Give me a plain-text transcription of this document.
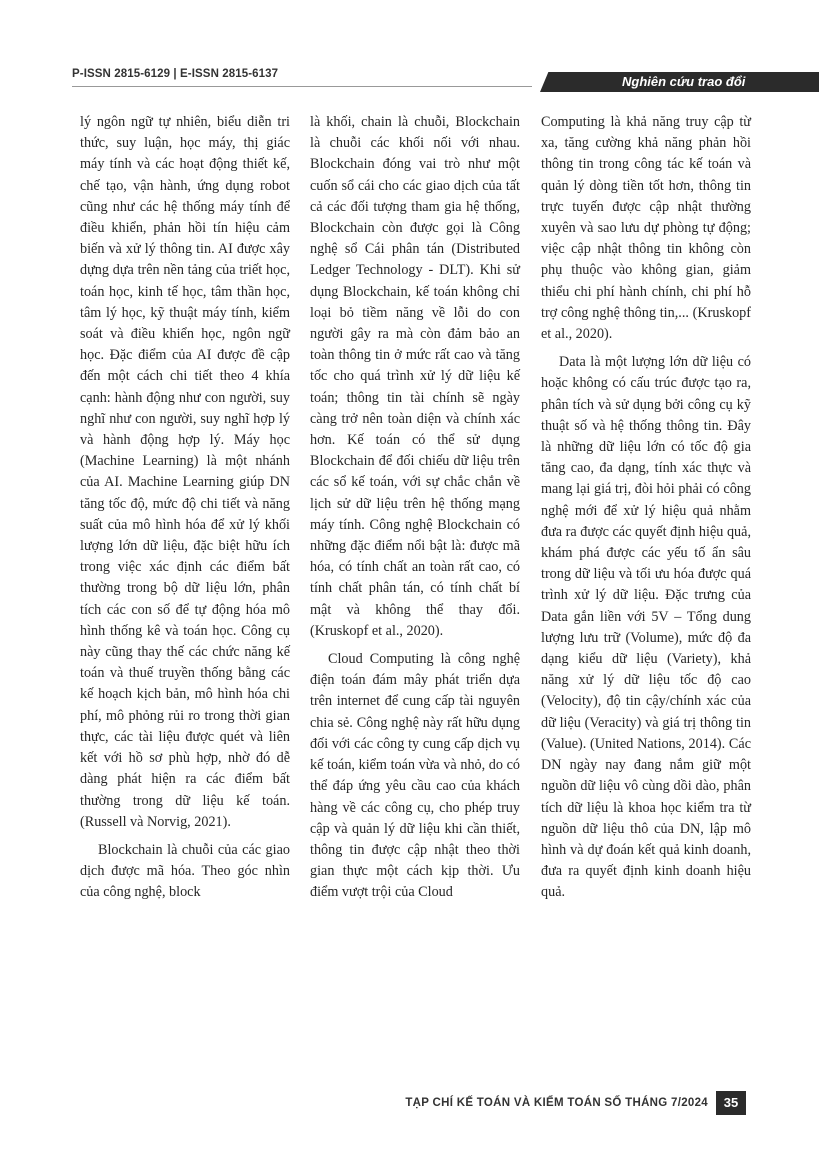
P-ISSN 2815-6129 | E-ISSN 2815-6137	Nghiên cứu trao đổi

lý ngôn ngữ tự nhiên, biểu diễn tri thức, suy luận, học máy, thị giác máy tính và các hoạt động thiết kế, chế tạo, vận hành, ứng dụng robot cũng như các hệ thống máy tính để điều khiển, phản hồi tín hiệu cảm biến và xử lý thông tin. AI được xây dựng dựa trên nền tảng của triết học, toán học, kinh tế học, tâm thần học, tâm lý học, kỹ thuật máy tính, kiểm soát và điều khiển học, ngôn ngữ học. Đặc điểm của AI được đề cập đến một cách chi tiết theo 4 khía cạnh: hành động như con người, suy nghĩ như con người, suy nghĩ hợp lý và hành động hợp lý. Máy học (Machine Learning) là một nhánh của AI. Machine Learning giúp DN tăng tốc độ, mức độ chi tiết và năng suất của mô hình hóa để xử lý khối lượng lớn dữ liệu, đặc biệt hữu ích trong việc xác định các điểm bất thường trong bộ dữ liệu lớn, phân tích các con số để tự động hóa mô hình thống kê và toán học. Công cụ này cũng thay thế các chức năng kế toán và thuế truyền thống bằng các kế hoạch kịch bản, mô hình hóa chi phí, mô phỏng rủi ro trong thời gian thực, các tài liệu được quét và liên kết với hồ sơ phù hợp, nhờ đó dễ dàng phát hiện ra các điểm bất thường trong dữ liệu kế toán. (Russell và Norvig, 2021).

Blockchain là chuỗi của các giao dịch được mã hóa. Theo góc nhìn của công nghệ, block

là khối, chain là chuỗi, Blockchain là chuỗi các khối nối với nhau. Blockchain đóng vai trò như một cuốn sổ cái cho các giao dịch của tất cả các đối tượng tham gia hệ thống, Blockchain còn được gọi là Công nghệ sổ Cái phân tán (Distributed Ledger Technology - DLT). Khi sử dụng Blockchain, kế toán không chỉ loại bỏ tiềm năng về lỗi do con người gây ra mà còn đảm bảo an toàn thông tin ở mức rất cao và tăng tốc cho quá trình xử lý dữ liệu kế toán; thông tin tài chính sẽ ngày càng trở nên toàn diện và chính xác hơn. Kế toán có thể sử dụng Blockchain để đối chiếu dữ liệu trên các sổ kế toán, với sự chắc chắn về lịch sử dữ liệu trên hệ thống mạng máy tính. Công nghệ Blockchain có những đặc điểm nổi bật là: được mã hóa, có tính chất an toàn rất cao, có tính chất phân tán, có tính chất bí mật và không thể thay đổi. (Kruskopf et al., 2020).

Cloud Computing là công nghệ điện toán đám mây phát triển dựa trên internet để cung cấp tài nguyên chia sẻ. Công nghệ này rất hữu dụng đối với các công ty cung cấp dịch vụ kế toán, kiểm toán vừa và nhỏ, do có thể đáp ứng yêu cầu cao của khách hàng về các công cụ, cho phép truy cập và quản lý dữ liệu khi cần thiết, thông tin được cập nhật theo thời gian thực một cách kịp thời. Ưu điểm vượt trội của Cloud

Computing là khả năng truy cập từ xa, tăng cường khả năng phản hồi thông tin trong công tác kế toán và quản lý dòng tiền tốt hơn, thông tin trực tuyến được cập nhật thường xuyên và sao lưu dự phòng tự động; việc cập nhật thông tin không còn phụ thuộc vào không gian, giảm thiểu chi phí hành chính, chi phí hỗ trợ công nghệ thông tin,... (Kruskopf et al., 2020).

Data là một lượng lớn dữ liệu có hoặc không có cấu trúc được tạo ra, phân tích và sử dụng bởi công cụ kỹ thuật số và hệ thống thông tin. Đây là những dữ liệu lớn có tốc độ gia tăng cao, đa dạng, tính xác thực và mang lại giá trị, đòi hỏi phải có công nghệ mới để xử lý hiệu quả nhằm đưa ra được các quyết định hiệu quả, khám phá được các yếu tố ẩn sâu trong dữ liệu và tối ưu hóa được quá trình xử lý dữ liệu. Đặc trưng của Data gắn liền với 5V – Tổng dung lượng lưu trữ (Volume), mức độ đa dạng kiểu dữ liệu (Variety), khả năng xử lý dữ liệu tốc độ cao (Velocity), độ tin cậy/chính xác của dữ liệu (Veracity) và giá trị thông tin (Value). (United Nations, 2014). Các DN ngày nay đang nắm giữ một nguồn dữ liệu vô cùng dồi dào, phân tích dữ liệu là khoa học kiểm tra từ nguồn dữ liệu thô của DN, lập mô hình và dự đoán kết quả kinh doanh, đưa ra quyết định kinh doanh hiệu quả.

TẠP CHÍ KẾ TOÁN VÀ KIỂM TOÁN SỐ THÁNG 7/2024	35
